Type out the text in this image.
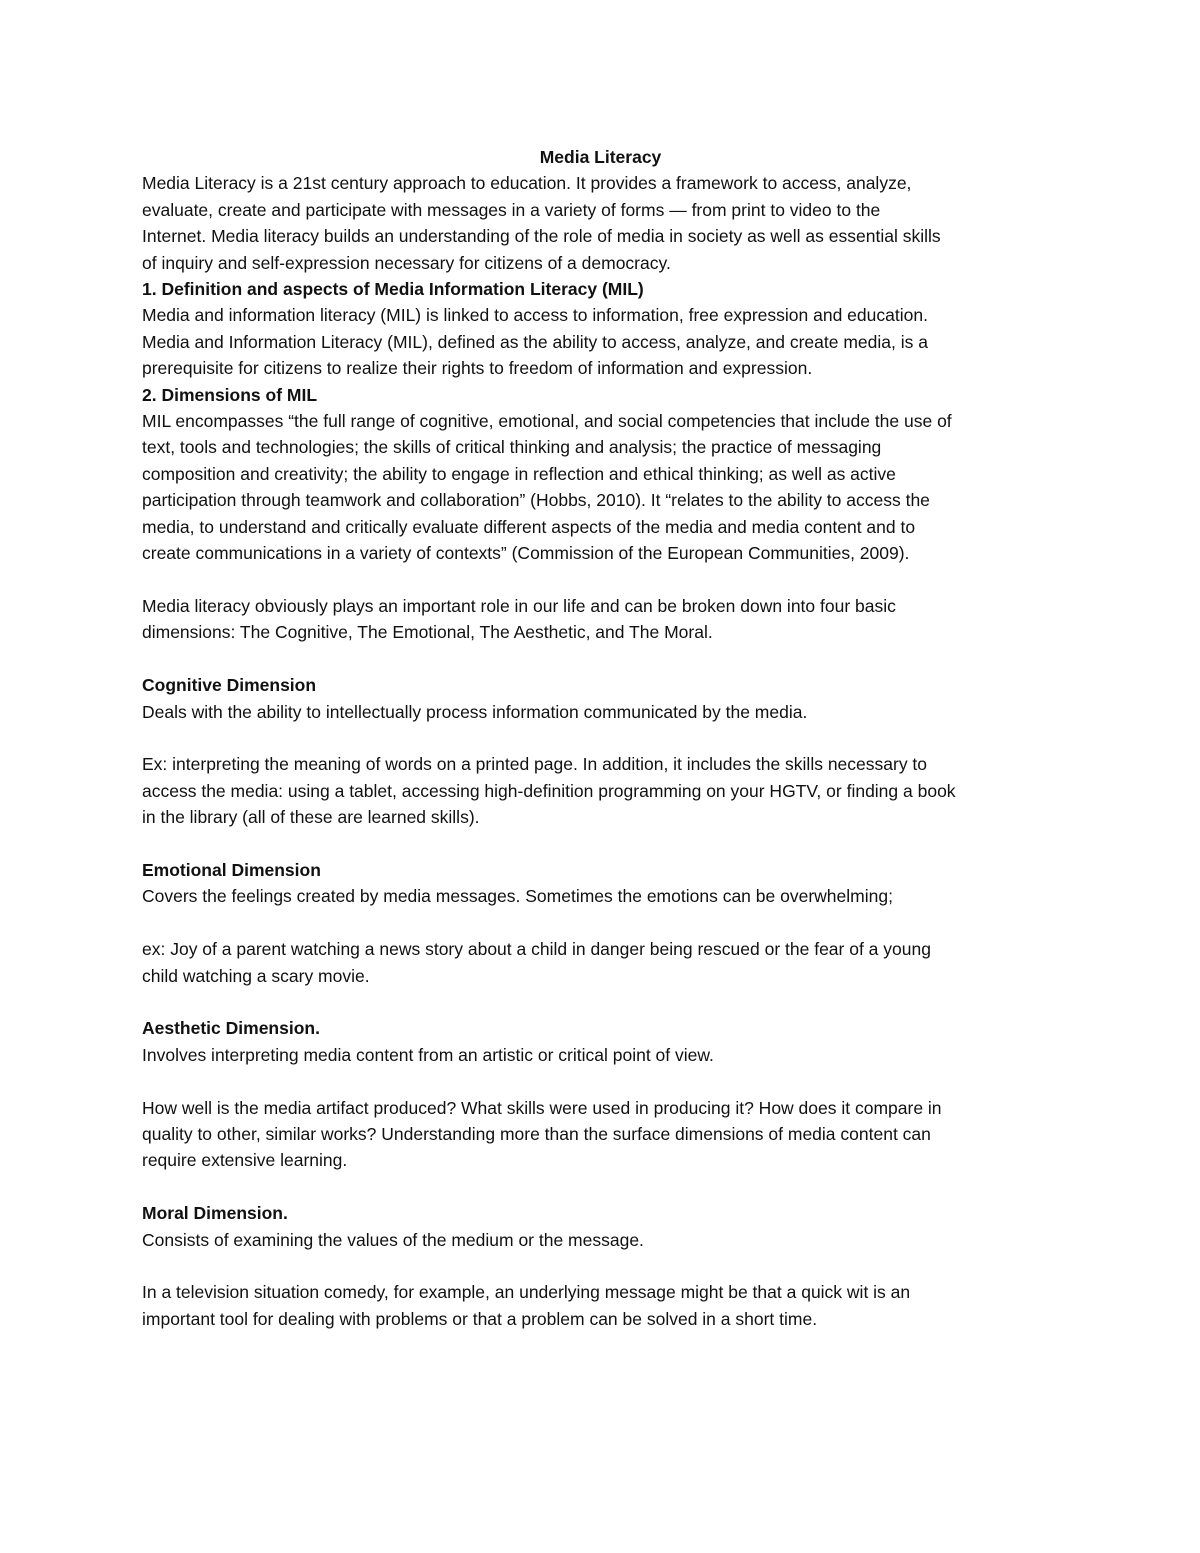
Media Literacy

Media Literacy is a 21st century approach to education. It provides a framework to access, analyze,

evaluate, create and participate with messages in a variety of forms — from print to video to the

Internet. Media literacy builds an understanding of the role of media in society as well as essential skills

of inquiry and self-expression necessary for citizens of a democracy.

1. Definition and aspects of Media Information Literacy (MIL)

Media and information literacy (MIL) is linked to access to information, free expression and education.

Media and Information Literacy (MIL), defined as the ability to access, analyze, and create media, is a

prerequisite for citizens to realize their rights to freedom of information and expression.

2. Dimensions of MIL

MIL encompasses “the full range of cognitive, emotional, and social competencies that include the use of

text, tools and technologies; the skills of critical thinking and analysis; the practice of messaging

composition and creativity; the ability to engage in reflection and ethical thinking; as well as active

participation through teamwork and collaboration” (Hobbs, 2010). It “relates to the ability to access the

media, to understand and critically evaluate different aspects of the media and media content and to

create communications in a variety of contexts” (Commission of the European Communities, 2009).

Media literacy obviously plays an important role in our life and can be broken down into four basic

dimensions: The Cognitive, The Emotional, The Aesthetic, and The Moral.

Cognitive Dimension

Deals with the ability to intellectually process information communicated by the media.

Ex: interpreting the meaning of words on a printed page. In addition, it includes the skills necessary to

access the media: using a tablet, accessing high-definition programming on your HGTV, or finding a book

in the library (all of these are learned skills).

Emotional Dimension

Covers the feelings created by media messages. Sometimes the emotions can be overwhelming;

ex: Joy of a parent watching a news story about a child in danger being rescued or the fear of a young

child watching a scary movie.

Aesthetic Dimension.

Involves interpreting media content from an artistic or critical point of view.

How well is the media artifact produced? What skills were used in producing it? How does it compare in

quality to other, similar works? Understanding more than the surface dimensions of media content can

require extensive learning.

Moral Dimension.

Consists of examining the values of the medium or the message.

In a television situation comedy, for example, an underlying message might be that a quick wit is an

important tool for dealing with problems or that a problem can be solved in a short time.
